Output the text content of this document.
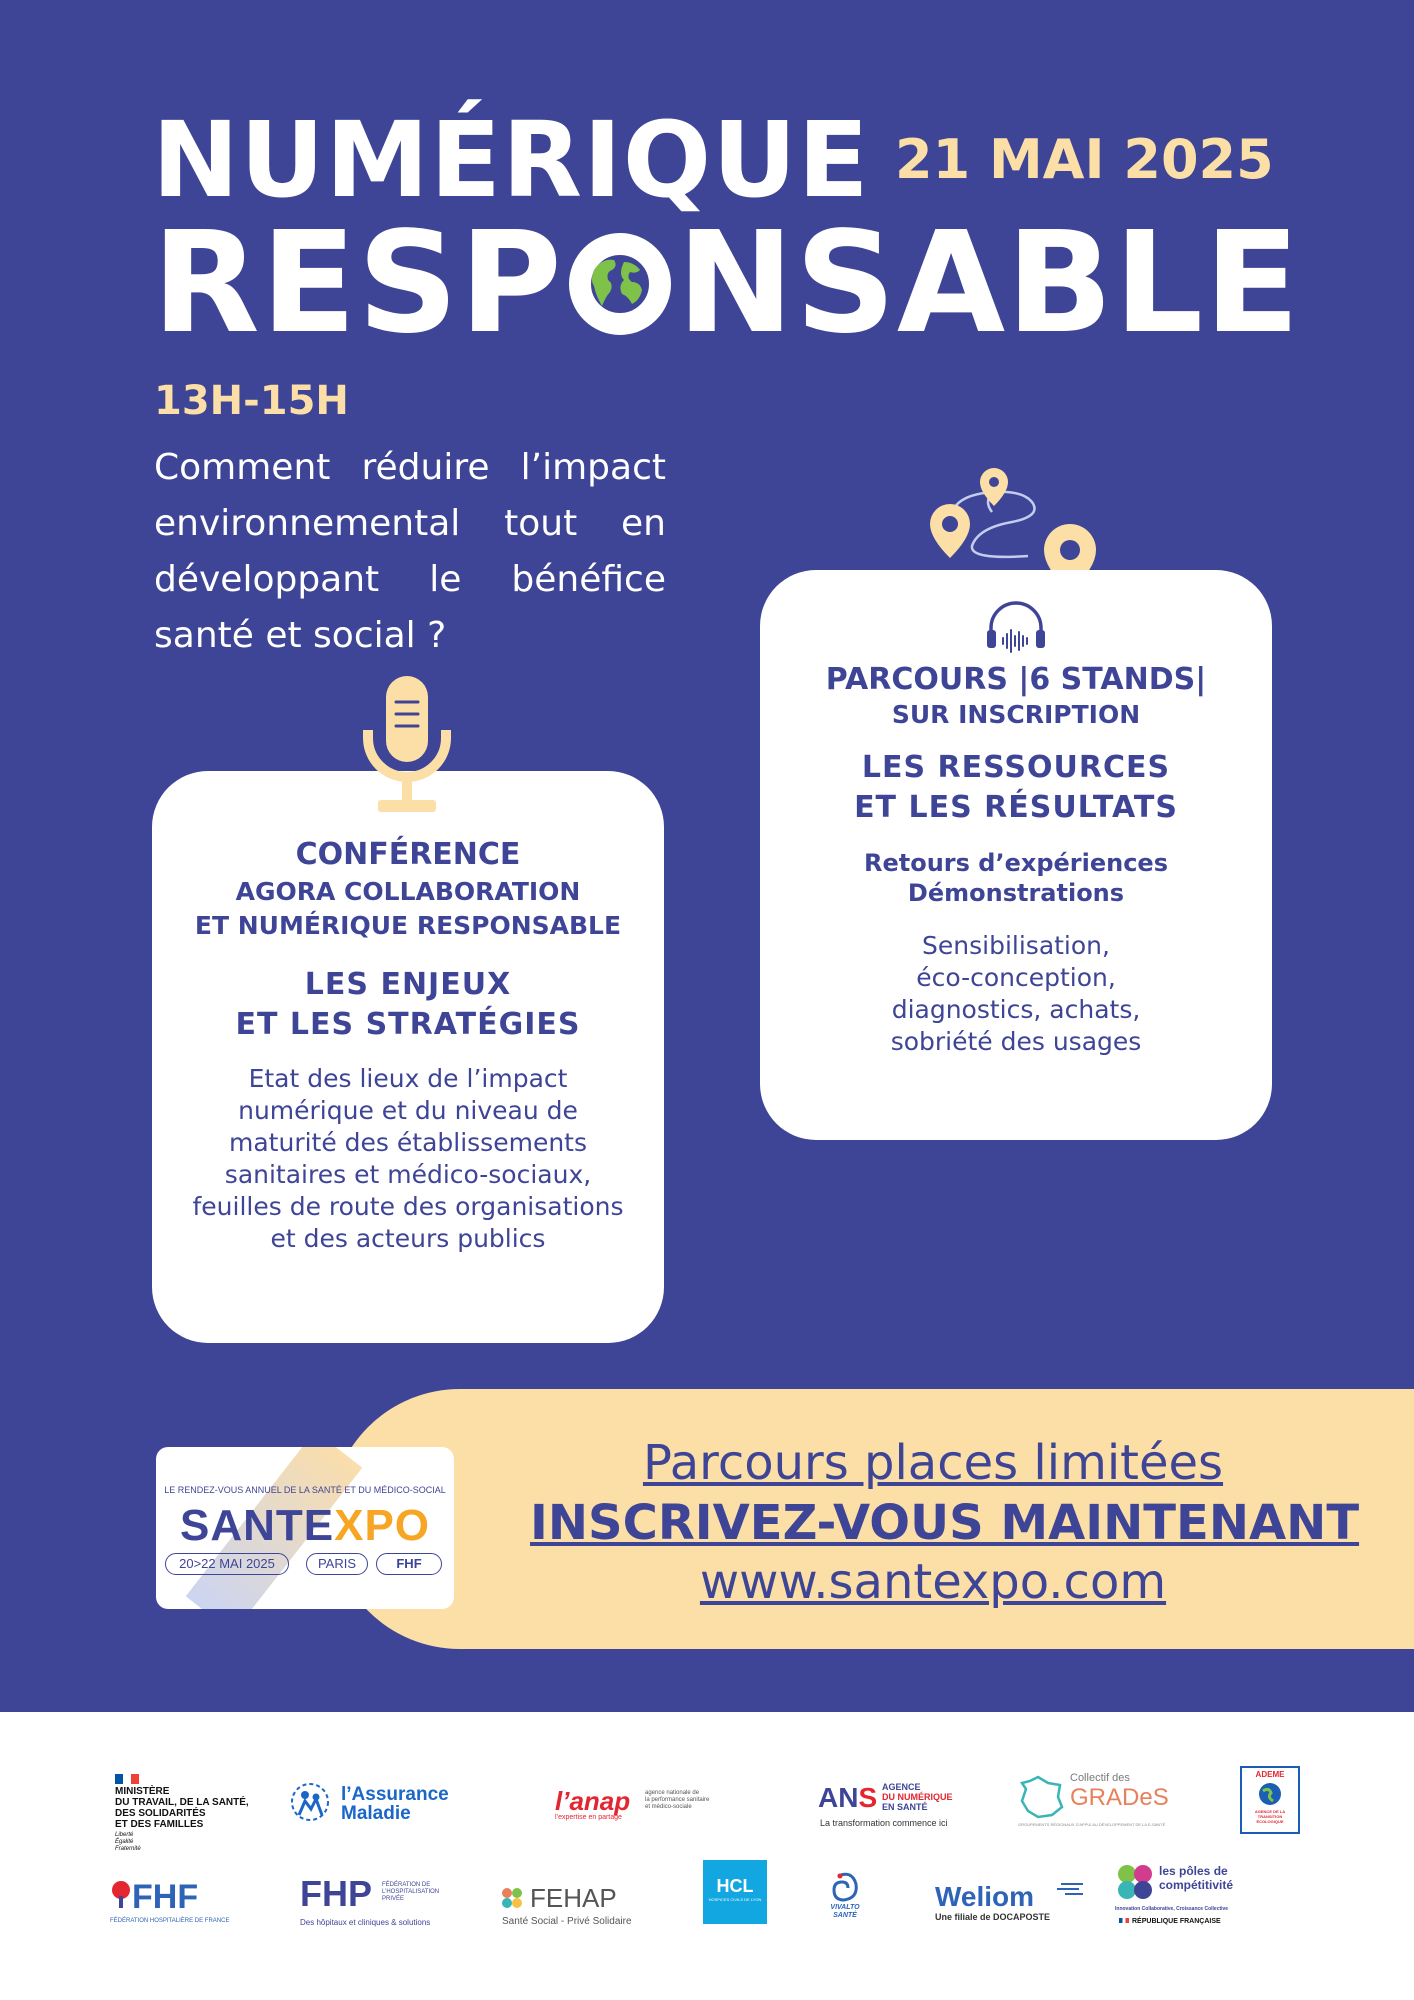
NUMÉRIQUE 21 MAI 2025
RESP NSABLE
13H-15H
Comment réduire l’impact environnemental tout en développant le bénéfice santé et social ?
PARCOURS |6 STANDS|
SUR INSCRIPTION
LES RESSOURCES
ET LES RÉSULTATS
Retours d’expériences
Démonstrations
Sensibilisation,
éco-conception,
diagnostics, achats,
sobriété des usages
CONFÉRENCE
AGORA COLLABORATION
ET NUMÉRIQUE RESPONSABLE
LES ENJEUX
ET LES STRATÉGIES
Etat des lieux de l’impact
numérique et du niveau de
maturité des établissements
sanitaires et médico-sociaux,
feuilles de route des organisations
et des acteurs publics
Parcours places limitées
INSCRIVEZ-VOUS MAINTENANT
www.santexpo.com
LE RENDEZ-VOUS ANNUEL DE LA SANTÉ ET DU MÉDICO-SOCIAL
SANTEXPO
20>22 MAI 2025	PARIS	FHF
MINISTÈRE
DU TRAVAIL, DE LA SANTÉ,
DES SOLIDARITÉS
ET DES FAMILLES
Liberté
Égalité
Fraternité
l’Assurance
Maladie	l’anap
l’expertise en partage
agence nationale de
la performance sanitaire
et médico-sociale	ANS AGENCE
DU NUMÉRIQUE
EN SANTÉ
La transformation commence ici
Collectif des
GRADeS
GROUPEMENTS RÉGIONAUX D’APPUI AU DÉVELOPPEMENT DE LA E-SANTÉ
ADEME
AGENCE DE LA
TRANSITION
ÉCOLOGIQUE
FHF
FÉDÉRATION HOSPITALIÈRE DE FRANCE
FHP FÉDÉRATION DE
L’HOSPITALISATION
PRIVÉE
Des hôpitaux et cliniques & solutions
FEHAP
Santé Social - Privé Solidaire
HCL
HOSPICES CIVILS DE LYON
VIVALTO
SANTÉ
Weliom
Une filiale de DOCAPOSTE
les pôles de
compétitivité
Innovation Collaborative, Croissance Collective
RÉPUBLIQUE FRANÇAISE
